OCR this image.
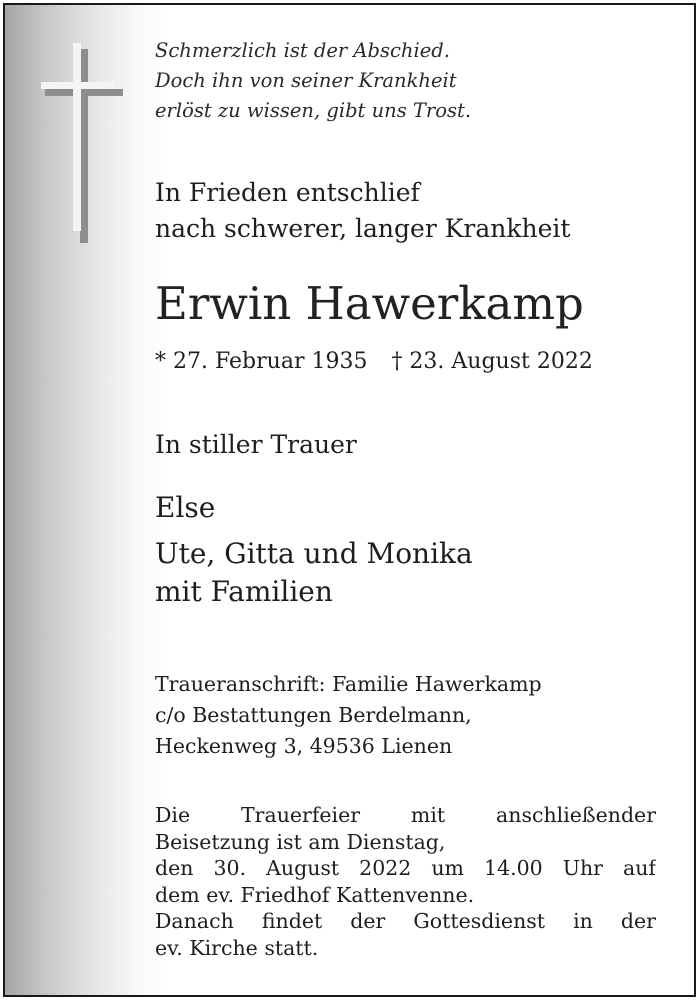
Schmerzlich ist der Abschied.
Doch ihn von seiner Krankheit
erlöst zu wissen, gibt uns Trost.
In Frieden entschlief
nach schwerer, langer Krankheit
Erwin Hawerkamp
* 27. Februar 1935 † 23. August 2022
In stiller Trauer
Else
Ute, Gitta und Monika
mit Familien
Traueranschrift: Familie Hawerkamp
c/o Bestattungen Berdelmann,
Heckenweg 3, 49536 Lienen
Die Trauerfeier mit anschließender
Beisetzung ist am Dienstag,
den 30. August 2022 um 14.00 Uhr auf
dem ev. Friedhof Kattenvenne.
Danach findet der Gottesdienst in der
ev. Kirche statt.
